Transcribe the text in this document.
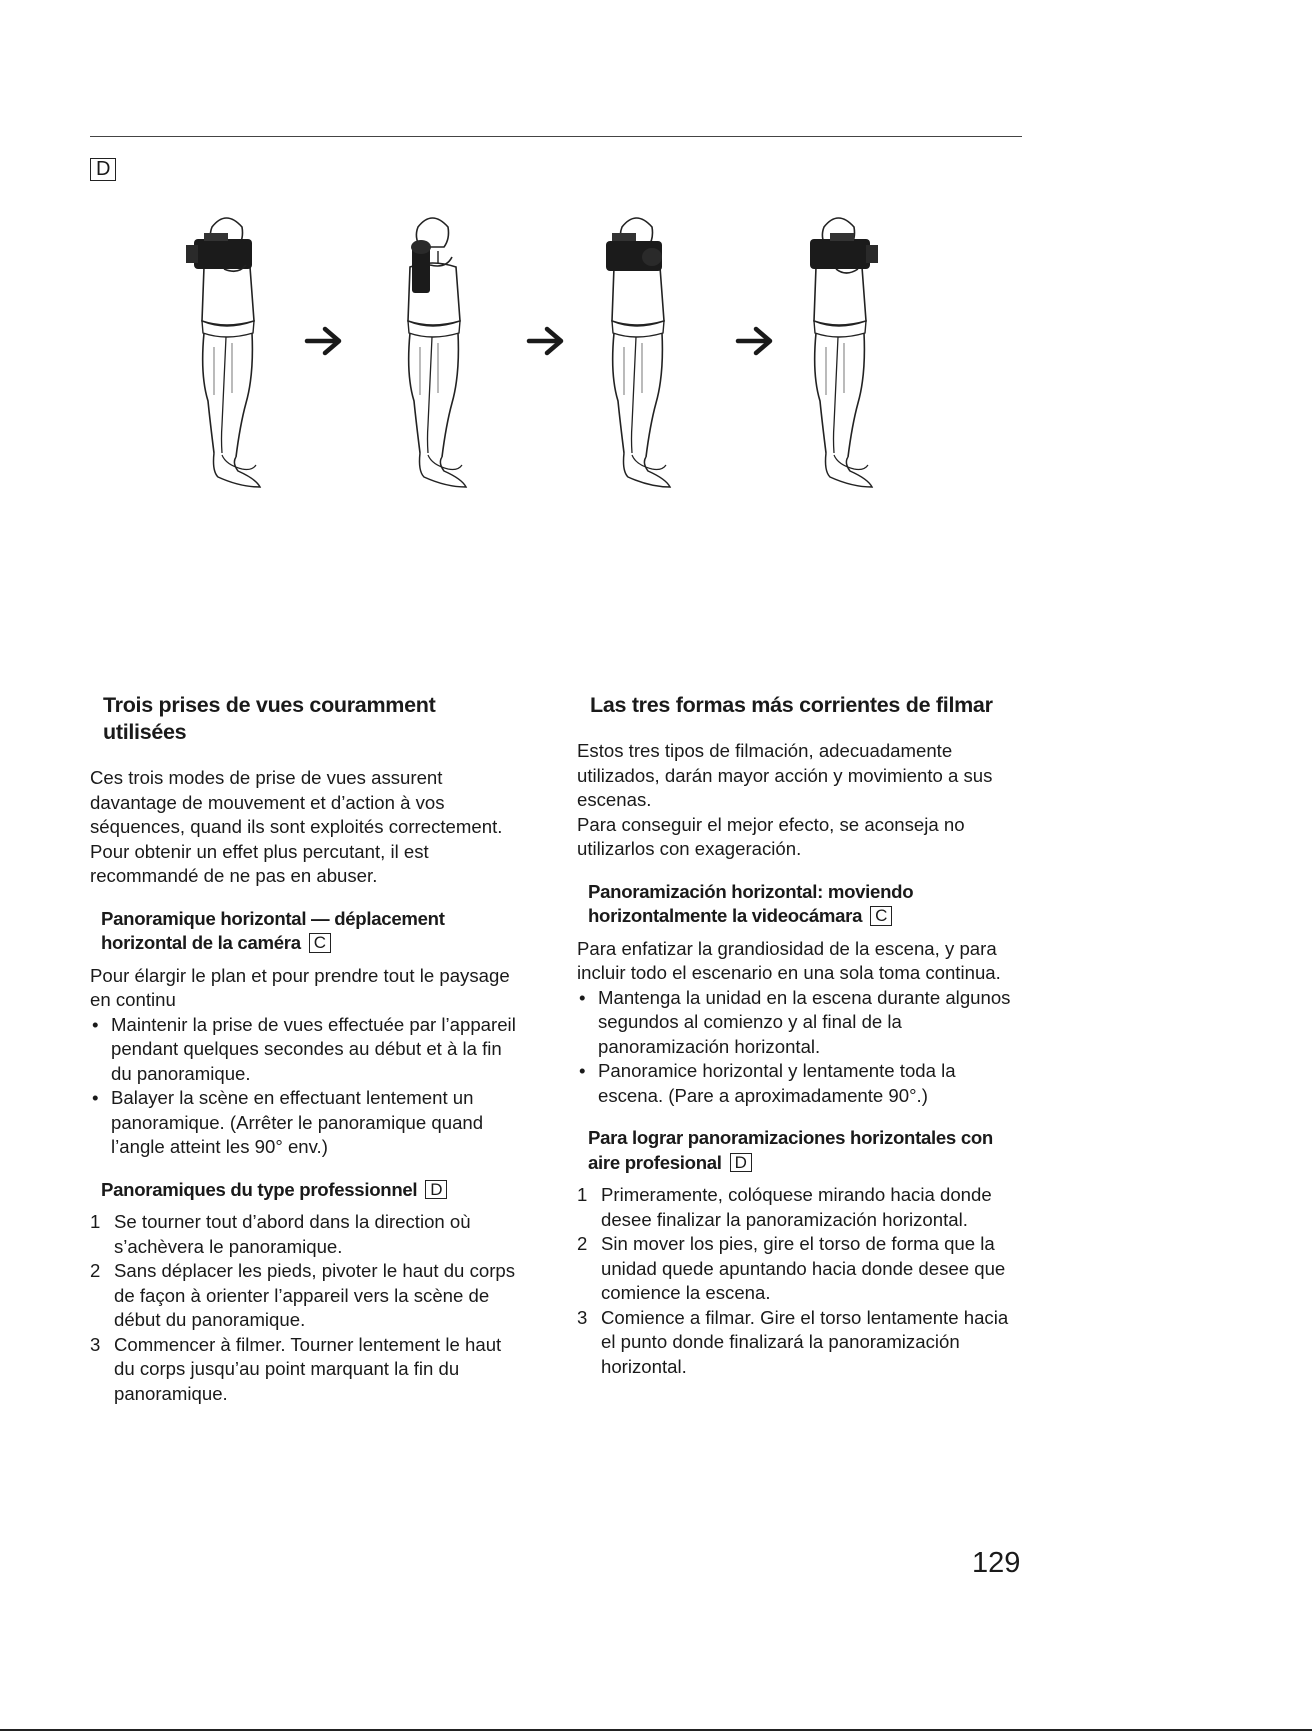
D
Trois prises de vues couramment utilisées

Ces trois modes de prise de vues assurent davantage de mouvement et d’action à vos séquences, quand ils sont exploités correctement.

Pour obtenir un effet plus percutant, il est recommandé de ne pas en abuser.

Panoramique horizontal — déplacement horizontal de la caméra C

Pour élargir le plan et pour prendre tout le paysage en continu

• Maintenir la prise de vues effectuée par l’appareil pendant quelques secondes au début et à la fin du panoramique.
• Balayer la scène en effectuant lentement un panoramique. (Arrêter le panoramique quand l’angle atteint les 90° env.)
Panoramiques du type professionnel D
1 Se tourner tout d’abord dans la direction où s’achèvera le panoramique.
2 Sans déplacer les pieds, pivoter le haut du corps de façon à orienter l’appareil vers la scène de début du panoramique.
3 Commencer à filmer. Tourner lentement le haut du corps jusqu’au point marquant la fin du panoramique.
Las tres formas más corrientes de filmar

Estos tres tipos de filmación, adecuadamente utilizados, darán mayor acción y movimiento a sus escenas.

Para conseguir el mejor efecto, se aconseja no utilizarlos con exageración.

Panoramización horizontal: moviendo horizontalmente la videocámara C

Para enfatizar la grandiosidad de la escena, y para incluir todo el escenario en una sola toma continua.

• Mantenga la unidad en la escena durante algunos segundos al comienzo y al final de la panoramización horizontal.
• Panoramice horizontal y lentamente toda la escena. (Pare a aproximadamente 90°.)
Para lograr panoramizaciones horizontales con aire profesional D
1 Primeramente, colóquese mirando hacia donde desee finalizar la panoramización horizontal.
2 Sin mover los pies, gire el torso de forma que la unidad quede apuntando hacia donde desee que comience la escena.
3 Comience a filmar. Gire el torso lentamente hacia el punto donde finalizará la panoramización horizontal.
129
